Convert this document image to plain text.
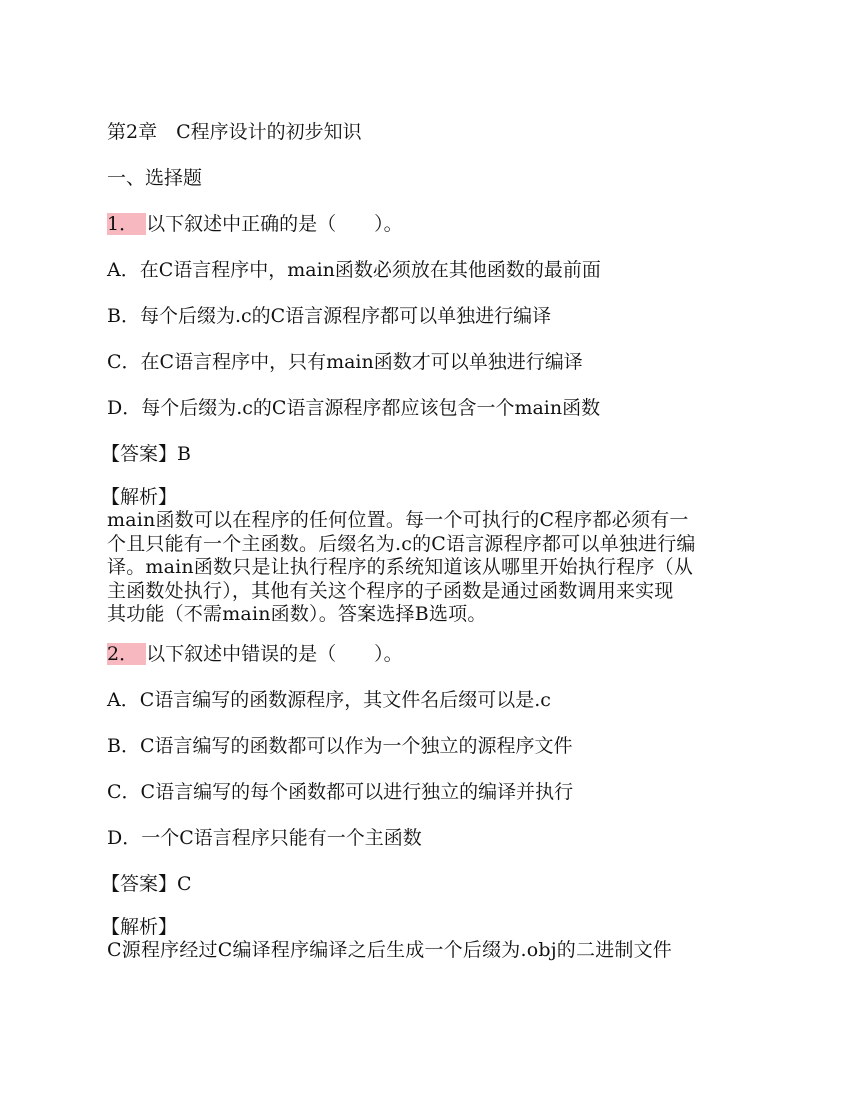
第2章　C程序设计的初步知识
一、选择题
1． 以下叙述中正确的是（　　）。
A．在C语言程序中，main函数必须放在其他函数的最前面
B．每个后缀为.c的C语言源程序都可以单独进行编译
C．在C语言程序中，只有main函数才可以单独进行编译
D．每个后缀为.c的C语言源程序都应该包含一个main函数
【答案】B
【解析】
main函数可以在程序的任何位置。每一个可执行的C程序都必须有一
个且只能有一个主函数。后缀名为.c的C语言源程序都可以单独进行编
译。main函数只是让执行程序的系统知道该从哪里开始执行程序（从
主函数处执行），其他有关这个程序的子函数是通过函数调用来实现
其功能（不需main函数）。答案选择B选项。
2． 以下叙述中错误的是（　　）。
A．C语言编写的函数源程序，其文件名后缀可以是.c
B．C语言编写的函数都可以作为一个独立的源程序文件
C．C语言编写的每个函数都可以进行独立的编译并执行
D．一个C语言程序只能有一个主函数
【答案】C
【解析】
C源程序经过C编译程序编译之后生成一个后缀为.obj的二进制文件
